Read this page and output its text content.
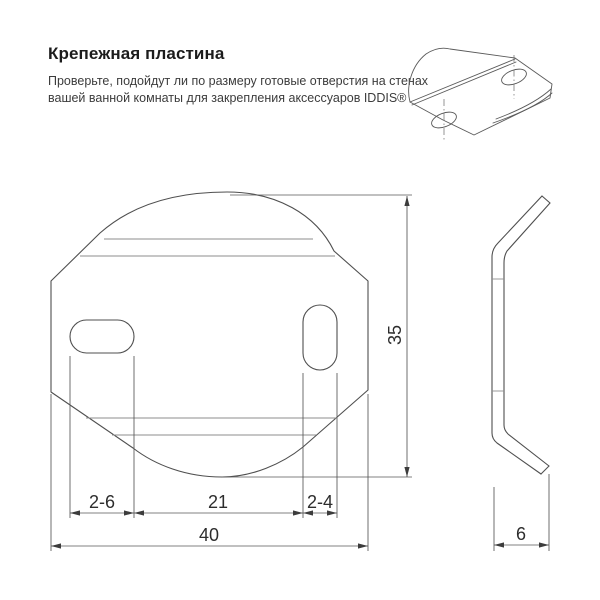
Крепежная пластина

Проверьте, подойдут ли по размеру готовые отверстия на стенах
вашей ванной комнаты для закрепления аксессуаров IDDIS®

2-6	21	2-4
40
35
6
